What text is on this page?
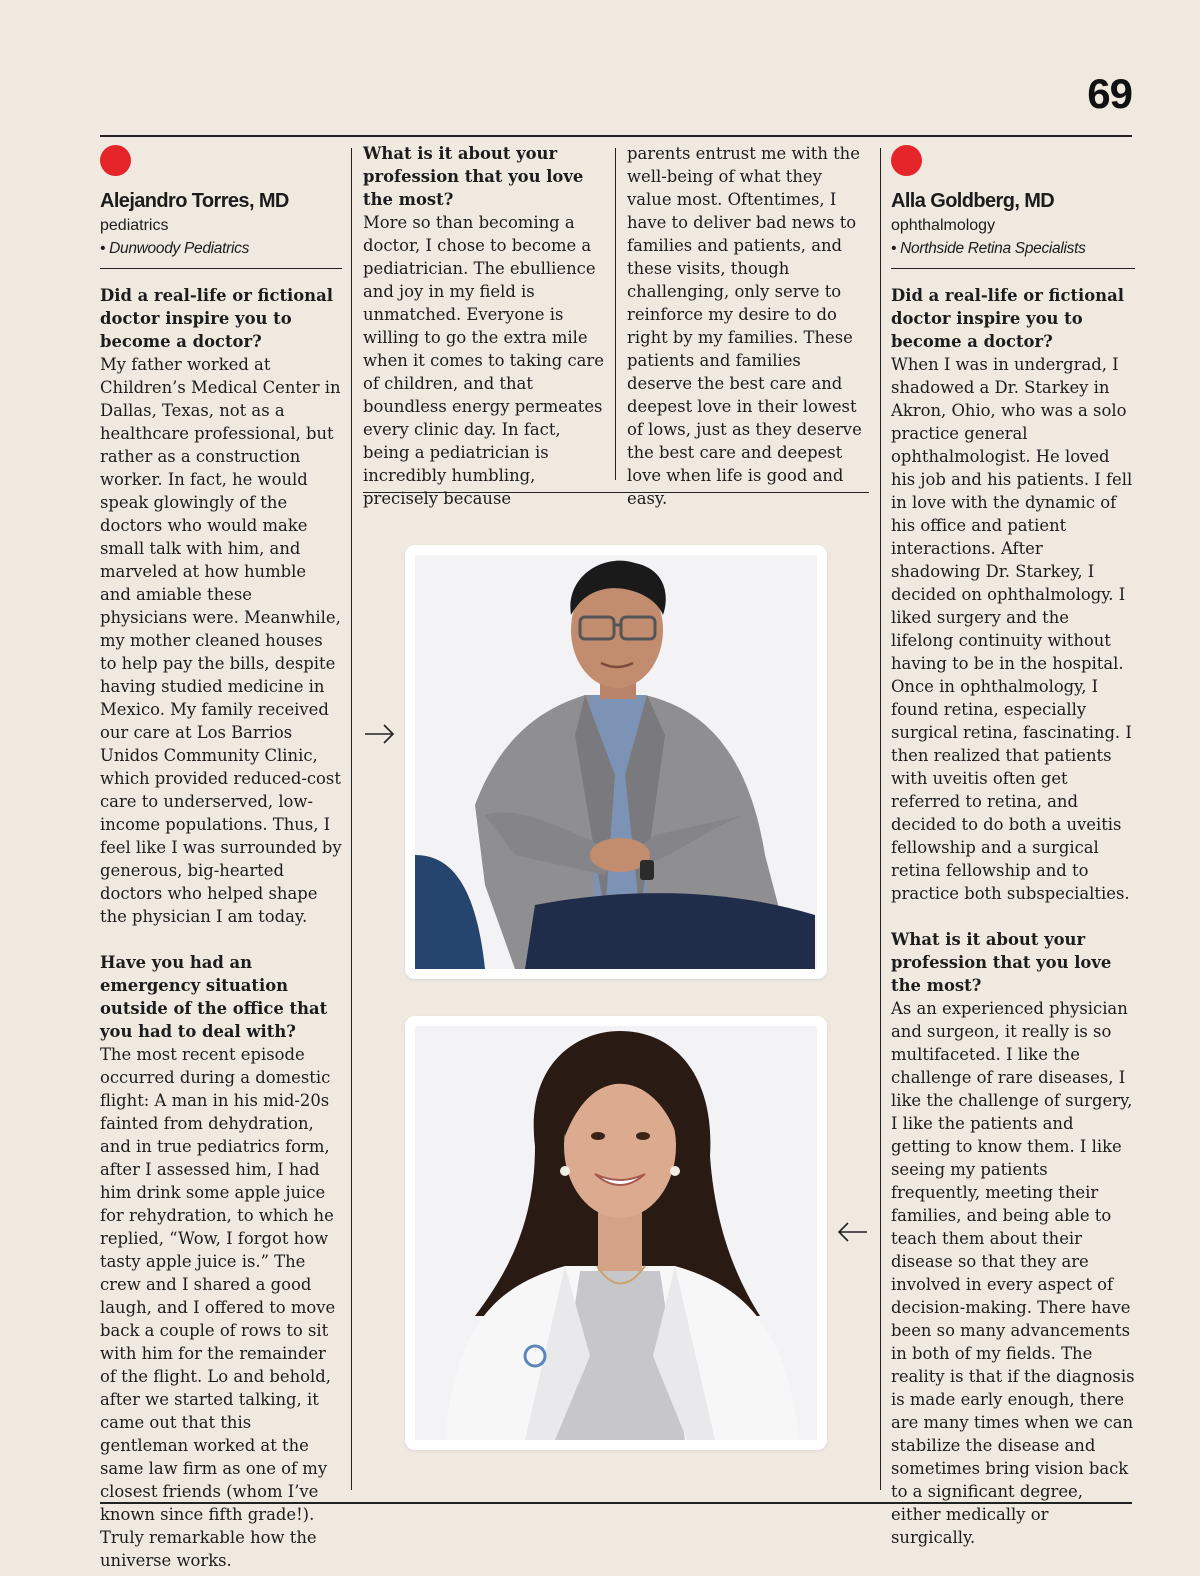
69
Alejandro Torres, MD
pediatrics
• Dunwoody Pediatrics

Did a real-life or fictional doctor inspire you to become a doctor?

My father worked at Children’s Medical Center in Dallas, Texas, not as a healthcare professional, but rather as a construction worker. In fact, he would speak glowingly of the doctors who would make small talk with him, and marveled at how humble and amiable these physicians were. Meanwhile, my mother cleaned houses to help pay the bills, despite having studied medicine in Mexico. My family received our care at Los Barrios Unidos Community Clinic, which provided reduced-cost care to underserved, low-income populations. Thus, I feel like I was surrounded by generous, big-hearted doctors who helped shape the physician I am today.

Have you had an emergency situation outside of the office that you had to deal with?

The most recent episode occurred during a domestic flight: A man in his mid-20s fainted from dehydration, and in true pediatrics form, after I assessed him, I had him drink some apple juice for rehydration, to which he replied, “Wow, I forgot how tasty apple juice is.” The crew and I shared a good laugh, and I offered to move back a couple of rows to sit with him for the remainder of the flight. Lo and behold, after we started talking, it came out that this gentleman worked at the same law firm as one of my closest friends (whom I’ve known since fifth grade!). Truly remarkable how the universe works.

What is it about your profession that you love the most?

More so than becoming a doctor, I chose to become a pediatrician. The ebullience and joy in my field is unmatched. Everyone is willing to go the extra mile when it comes to taking care of children, and that boundless energy permeates every clinic day. In fact, being a pediatrician is incredibly humbling, precisely because

parents entrust me with the well-being of what they value most. Oftentimes, I have to deliver bad news to families and patients, and these visits, though challenging, only serve to reinforce my desire to do right by my families. These patients and families deserve the best care and deepest love in their lowest of lows, just as they deserve the best care and deepest love when life is good and easy.

Alla Goldberg, MD
ophthalmology
• Northside Retina Specialists

Did a real-life or fictional doctor inspire you to become a doctor?

When I was in undergrad, I shadowed a Dr. Starkey in Akron, Ohio, who was a solo practice general ophthalmologist. He loved his job and his patients. I fell in love with the dynamic of his office and patient interactions. After shadowing Dr. Starkey, I decided on ophthalmology. I liked surgery and the lifelong continuity without having to be in the hospital. Once in ophthalmology, I found retina, especially surgical retina, fascinating. I then realized that patients with uveitis often get referred to retina, and decided to do both a uveitis fellowship and a surgical retina fellowship and to practice both subspecialties.

What is it about your profession that you love the most?

As an experienced physician and surgeon, it really is so multifaceted. I like the challenge of rare diseases, I like the challenge of surgery, I like the patients and getting to know them. I like seeing my patients frequently, meeting their families, and being able to teach them about their disease so that they are involved in every aspect of decision-making. There have been so many advancements in both of my fields. The reality is that if the diagnosis is made early enough, there are many times when we can stabilize the disease and sometimes bring vision back to a significant degree, either medically or surgically.
